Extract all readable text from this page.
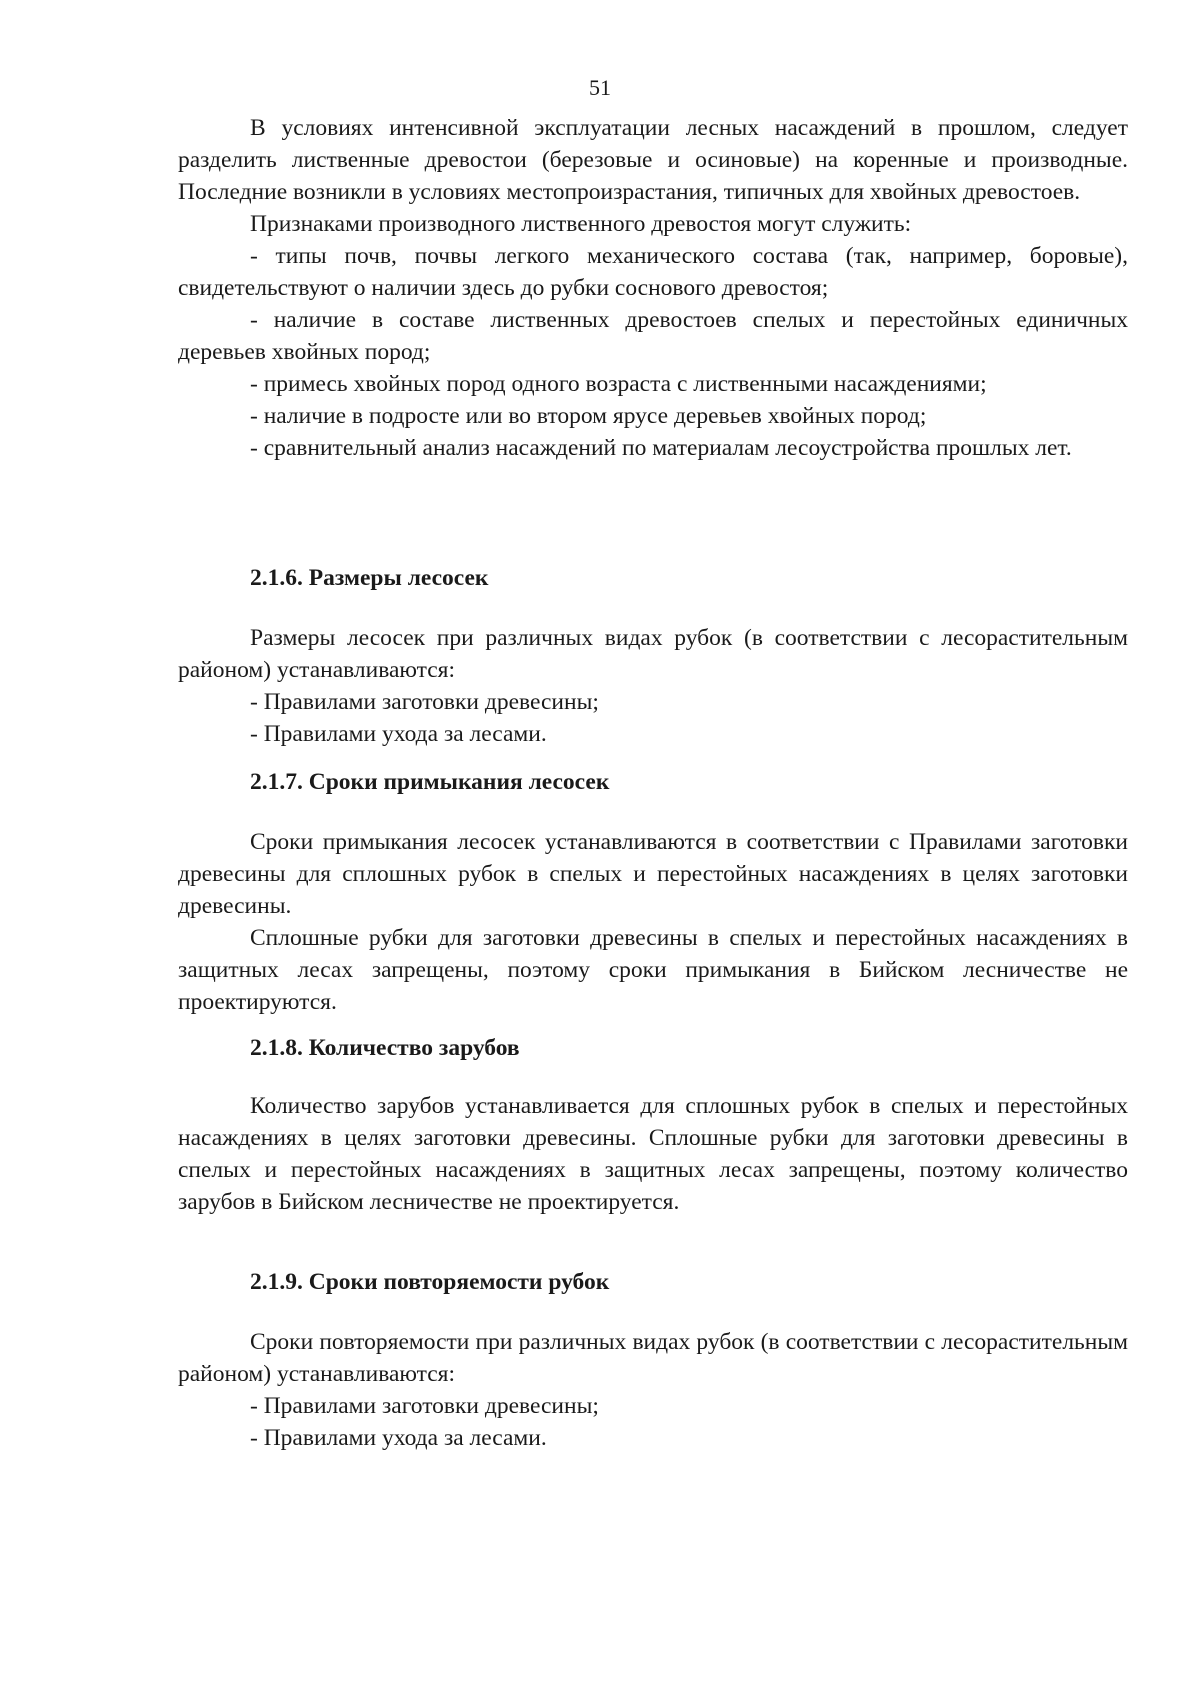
51

В условиях интенсивной эксплуатации лесных насаждений в прошлом, следует разделить лиственные древостои (березовые и осиновые) на коренные и производные. Последние возникли в условиях местопроизрастания, типичных для хвойных древостоев.

Признаками производного лиственного древостоя могут служить:

- типы почв, почвы легкого механического состава (так, например, боровые), свидетельствуют о наличии здесь до рубки соснового древостоя;

- наличие в составе лиственных древостоев спелых и перестойных единичных деревьев хвойных пород;

- примесь хвойных пород одного возраста с лиственными насаждениями;

- наличие в подросте или во втором ярусе деревьев хвойных пород;

- сравнительный анализ насаждений по материалам лесоустройства прошлых лет.

2.1.6. Размеры лесосек

Размеры лесосек при различных видах рубок (в соответствии с лесорастительным районом) устанавливаются:

- Правилами заготовки древесины;

- Правилами ухода за лесами.

2.1.7. Сроки примыкания лесосек

Сроки примыкания лесосек устанавливаются в соответствии с Правилами заготовки древесины для сплошных рубок в спелых и перестойных насаждениях в целях заготовки древесины.

Сплошные рубки для заготовки древесины в спелых и перестойных насаждениях в защитных лесах запрещены, поэтому сроки примыкания в Бийском лесничестве не проектируются.

2.1.8. Количество зарубов

Количество зарубов устанавливается для сплошных рубок в спелых и перестойных насаждениях в целях заготовки древесины. Сплошные рубки для заготовки древесины в спелых и перестойных насаждениях в защитных лесах запрещены, поэтому количество зарубов в Бийском лесничестве не проектируется.

2.1.9. Сроки повторяемости рубок

Сроки повторяемости при различных видах рубок (в соответствии с лесорастительным районом) устанавливаются:

- Правилами заготовки древесины;

- Правилами ухода за лесами.
